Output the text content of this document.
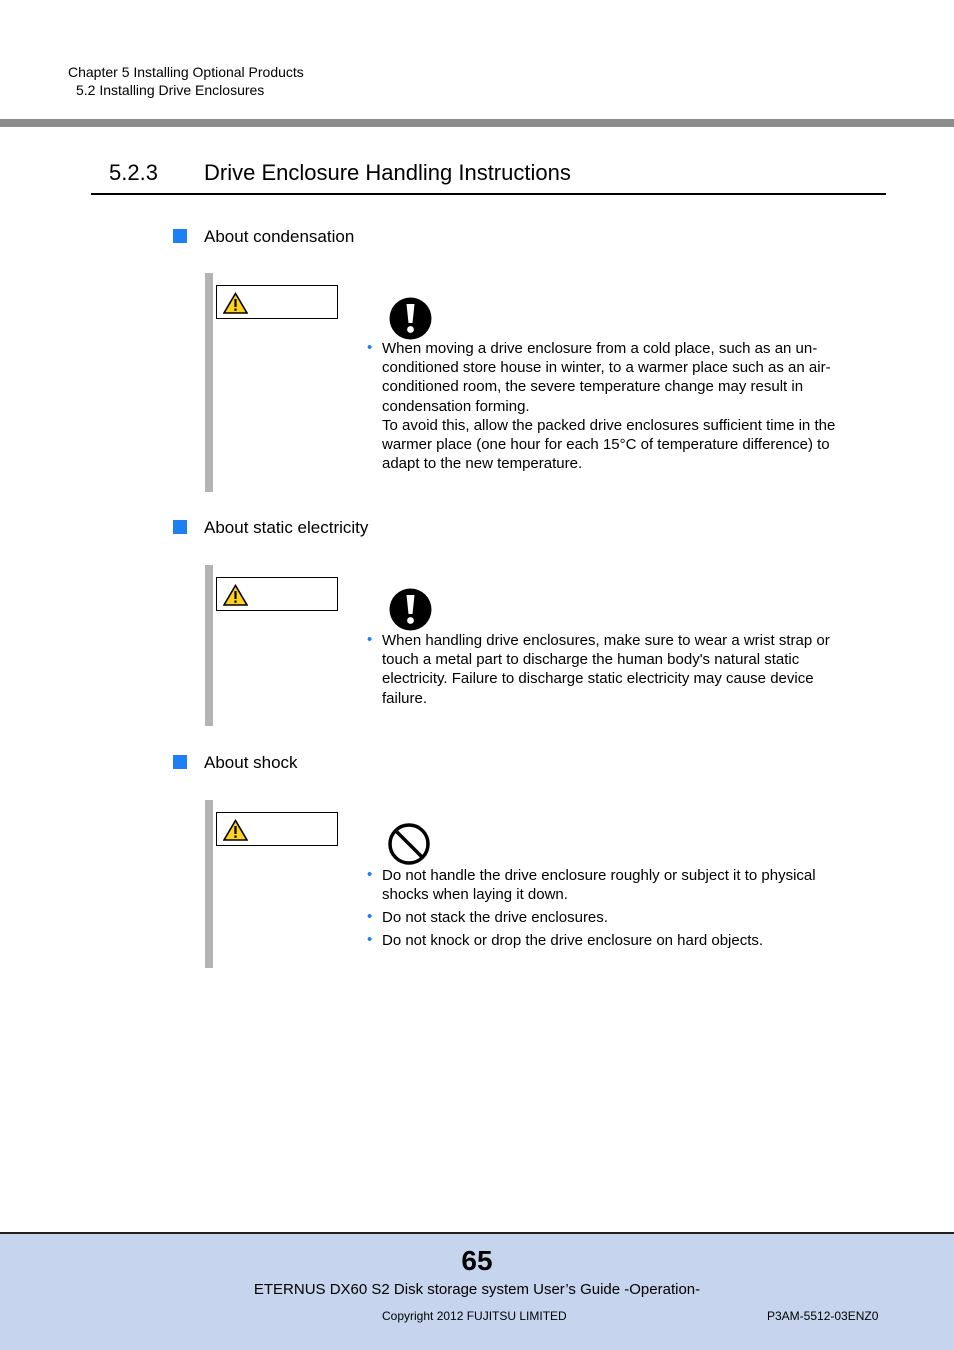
Chapter 5 Installing Optional Products
5.2 Installing Drive Enclosures
5.2.3 Drive Enclosure Handling Instructions
About condensation
• When moving a drive enclosure from a cold place, such as an un-
conditioned store house in winter, to a warmer place such as an air-
conditioned room, the severe temperature change may result in
condensation forming.
To avoid this, allow the packed drive enclosures sufficient time in the
warmer place (one hour for each 15°C of temperature difference) to
adapt to the new temperature.
About static electricity
• When handling drive enclosures, make sure to wear a wrist strap or
touch a metal part to discharge the human body's natural static
electricity. Failure to discharge static electricity may cause device
failure.
About shock
• Do not handle the drive enclosure roughly or subject it to physical
shocks when laying it down.
• Do not stack the drive enclosures.
• Do not knock or drop the drive enclosure on hard objects.
65
ETERNUS DX60 S2 Disk storage system User’s Guide -Operation-
Copyright 2012 FUJITSU LIMITED	P3AM-5512-03ENZ0
